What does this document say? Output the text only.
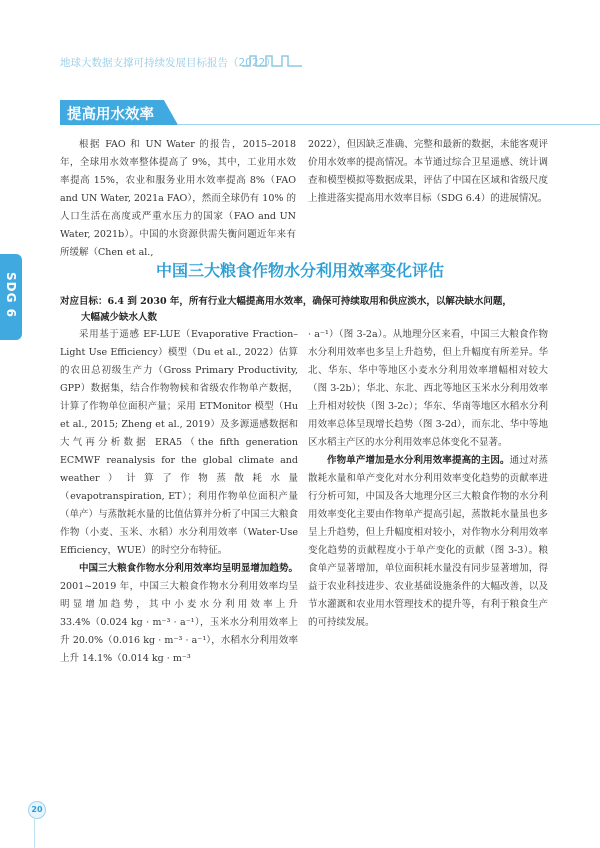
地球大数据支撑可持续发展目标报告（2022）
提高用水效率

根据 FAO 和 UN Water 的报告，2015–2018 年，全球用水效率整体提高了 9%，其中，工业用水效率提高 15%，农业和服务业用水效率提高 8%（FAO and UN Water, 2021a FAO），然而全球仍有 10% 的人口生活在高度或严重水压力的国家（FAO and UN Water, 2021b）。中国的水资源供需失衡问题近年来有所缓解（Chen et al.,

2022），但因缺乏准确、完整和最新的数据，未能客观评价用水效率的提高情况。本节通过综合卫星遥感、统计调查和模型模拟等数据成果，评估了中国在区域和省级尺度上推进落实提高用水效率目标（SDG 6.4）的进展情况。

SDG 6
中国三大粮食作物水分利用效率变化评估
对应目标：6.4 到 2030 年，所有行业大幅提高用水效率，确保可持续取用和供应淡水，以解决缺水问题，
大幅减少缺水人数

采用基于遥感 EF-LUE（Evaporative Fraction–Light Use Efficiency）模型（Du et al., 2022）估算的农田总初级生产力（Gross Primary Productivity, GPP）数据集，结合作物物候和省级农作物单产数据，计算了作物单位面积产量；采用 ETMonitor 模型（Hu et al., 2015; Zheng et al., 2019）及多源遥感数据和大气再分析数据 ERA5（the fifth generation ECMWF reanalysis for the global climate and weather）计算了作物蒸散耗水量（evapotranspiration, ET）；利用作物单位面积产量（单产）与蒸散耗水量的比值估算并分析了中国三大粮食作物（小麦、玉米、水稻）水分利用效率（Water-Use Efficiency，WUE）的时空分布特征。

中国三大粮食作物水分利用效率均呈明显增加趋势。2001~2019 年，中国三大粮食作物水分利用效率均呈明显增加趋势，其中小麦水分利用效率上升 33.4%（0.024 kg · m⁻³ · a⁻¹），玉米水分利用效率上升 20.0%（0.016 kg · m⁻³ · a⁻¹），水稻水分利用效率上升 14.1%（0.014 kg · m⁻³

· a⁻¹）（图 3-2a）。从地理分区来看，中国三大粮食作物水分利用效率也多呈上升趋势，但上升幅度有所差异。华北、华东、华中等地区小麦水分利用效率增幅相对较大（图 3-2b）；华北、东北、西北等地区玉米水分利用效率上升相对较快（图 3-2c）；华东、华南等地区水稻水分利用效率总体呈现增长趋势（图 3-2d），而东北、华中等地区水稻主产区的水分利用效率总体变化不显著。

作物单产增加是水分利用效率提高的主因。通过对蒸散耗水量和单产变化对水分利用效率变化趋势的贡献率进行分析可知，中国及各大地理分区三大粮食作物的水分利用效率变化主要由作物单产提高引起，蒸散耗水量虽也多呈上升趋势，但上升幅度相对较小，对作物水分利用效率变化趋势的贡献程度小于单产变化的贡献（图 3-3）。粮食单产显著增加，单位面积耗水量没有同步显著增加，得益于农业科技进步、农业基础设施条件的大幅改善，以及节水灌溉和农业用水管理技术的提升等，有利于粮食生产的可持续发展。

20
